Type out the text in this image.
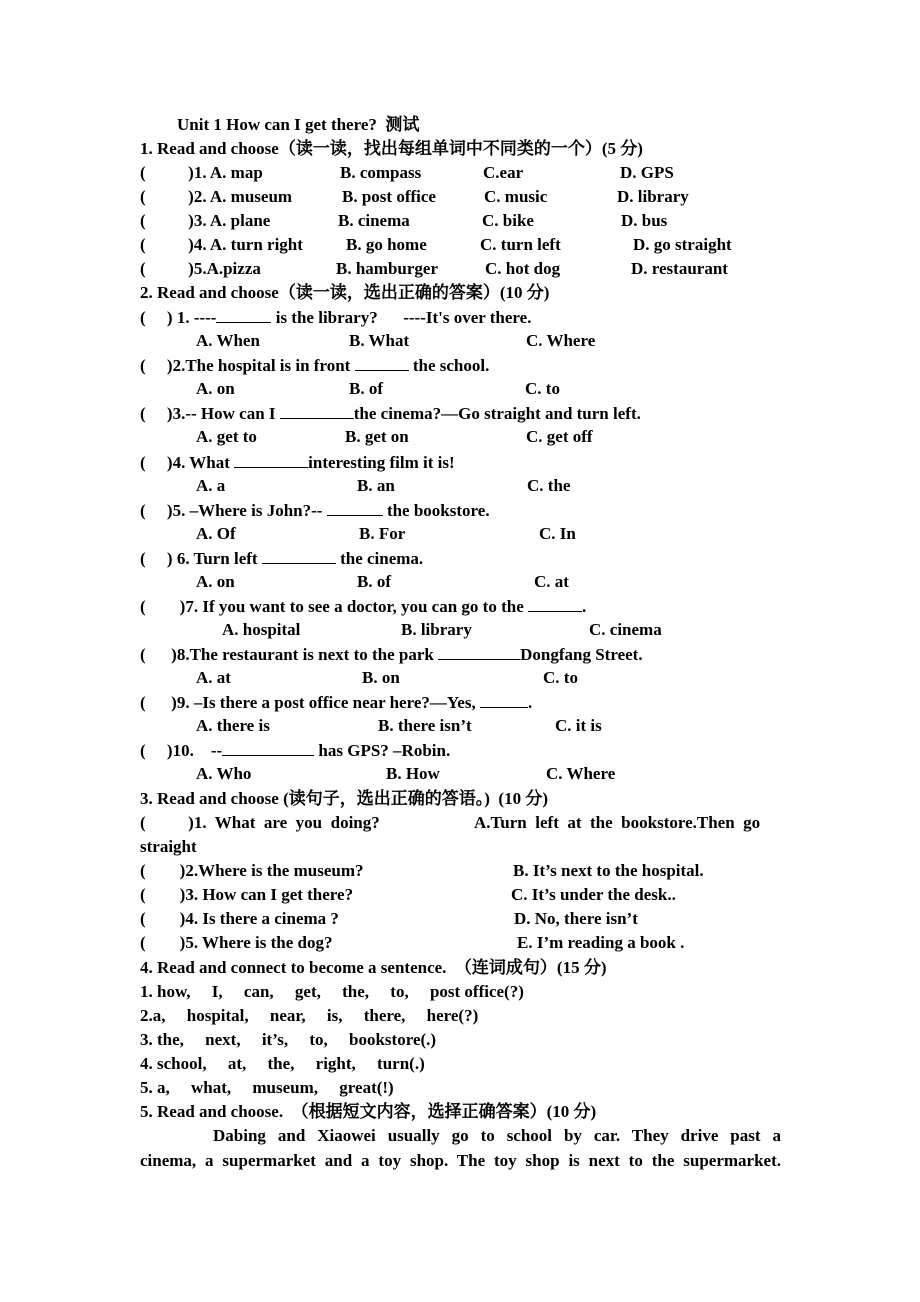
Unit 1 How can I get there?  测试
1. Read and choose（读一读，找出每组单词中不同类的一个）(5 分)
(          )1. A. map	B. compass	C.ear	D. GPS
(          )2. A. museum	B. post office	C. music	D. library
(          )3. A. plane	B. cinema	C. bike	D. bus
(          )4. A. turn right	B. go home	C. turn left	D. go straight
(          )5.A.pizza	B. hamburger	C. hot dog	D. restaurant
2. Read and choose（读一读，选出正确的答案）(10 分)
(     ) 1. ----	is the library?      ----It's over there.
A. When	B. What	C. Where
(     )2.The hospital is in front	the school.
A. on	B. of	C. to
(     )3.-- How can I	the cinema?—Go straight and turn left.
A. get to	B. get on	C. get off
(     )4. What	interesting film it is!
A. a	B. an	C. the
(     )5. –Where is John?--	the bookstore.
A. Of	B. For	C. In
(     ) 6. Turn left	the cinema.
A. on	B. of	C. at
(        )7. If you want to see a doctor, you can go to the	.
A. hospital	B. library	C. cinema
(      )8.The restaurant is next to the park	Dongfang Street.
A. at	B. on	C. to
(      )9. –Is there a post office near here?—Yes,	.
A. there is	B. there isn’t	C. it is
(     )10.    --	has GPS? –Robin.
A. Who	B. How	C. Where
3. Read and choose (读句子，选出正确的答语。)  (10 分)
(          )1.  What  are  you  doing?	A.Turn  left  at  the  bookstore.Then  go
straight
(        )2.Where is the museum?	B. It’s next to the hospital.
(        )3. How can I get there?	C. It’s under the desk..
(        )4. Is there a cinema ?	D. No, there isn’t
(        )5. Where is the dog?	E. I’m reading a book .
4. Read and connect to become a sentence.  （连词成句）(15 分)
1. how,     I,     can,     get,     the,     to,     post office(?)
2.a,     hospital,     near,     is,     there,     here(?)
3. the,     next,     it’s,     to,     bookstore(.)
4. school,     at,     the,     right,     turn(.)
5. a,     what,     museum,     great(!)
5. Read and choose.  （根据短文内容，选择正确答案）(10 分)
Dabing and Xiaowei usually go to school by car. They drive past a
cinema, a supermarket and a toy shop. The toy shop is next to the supermarket.
